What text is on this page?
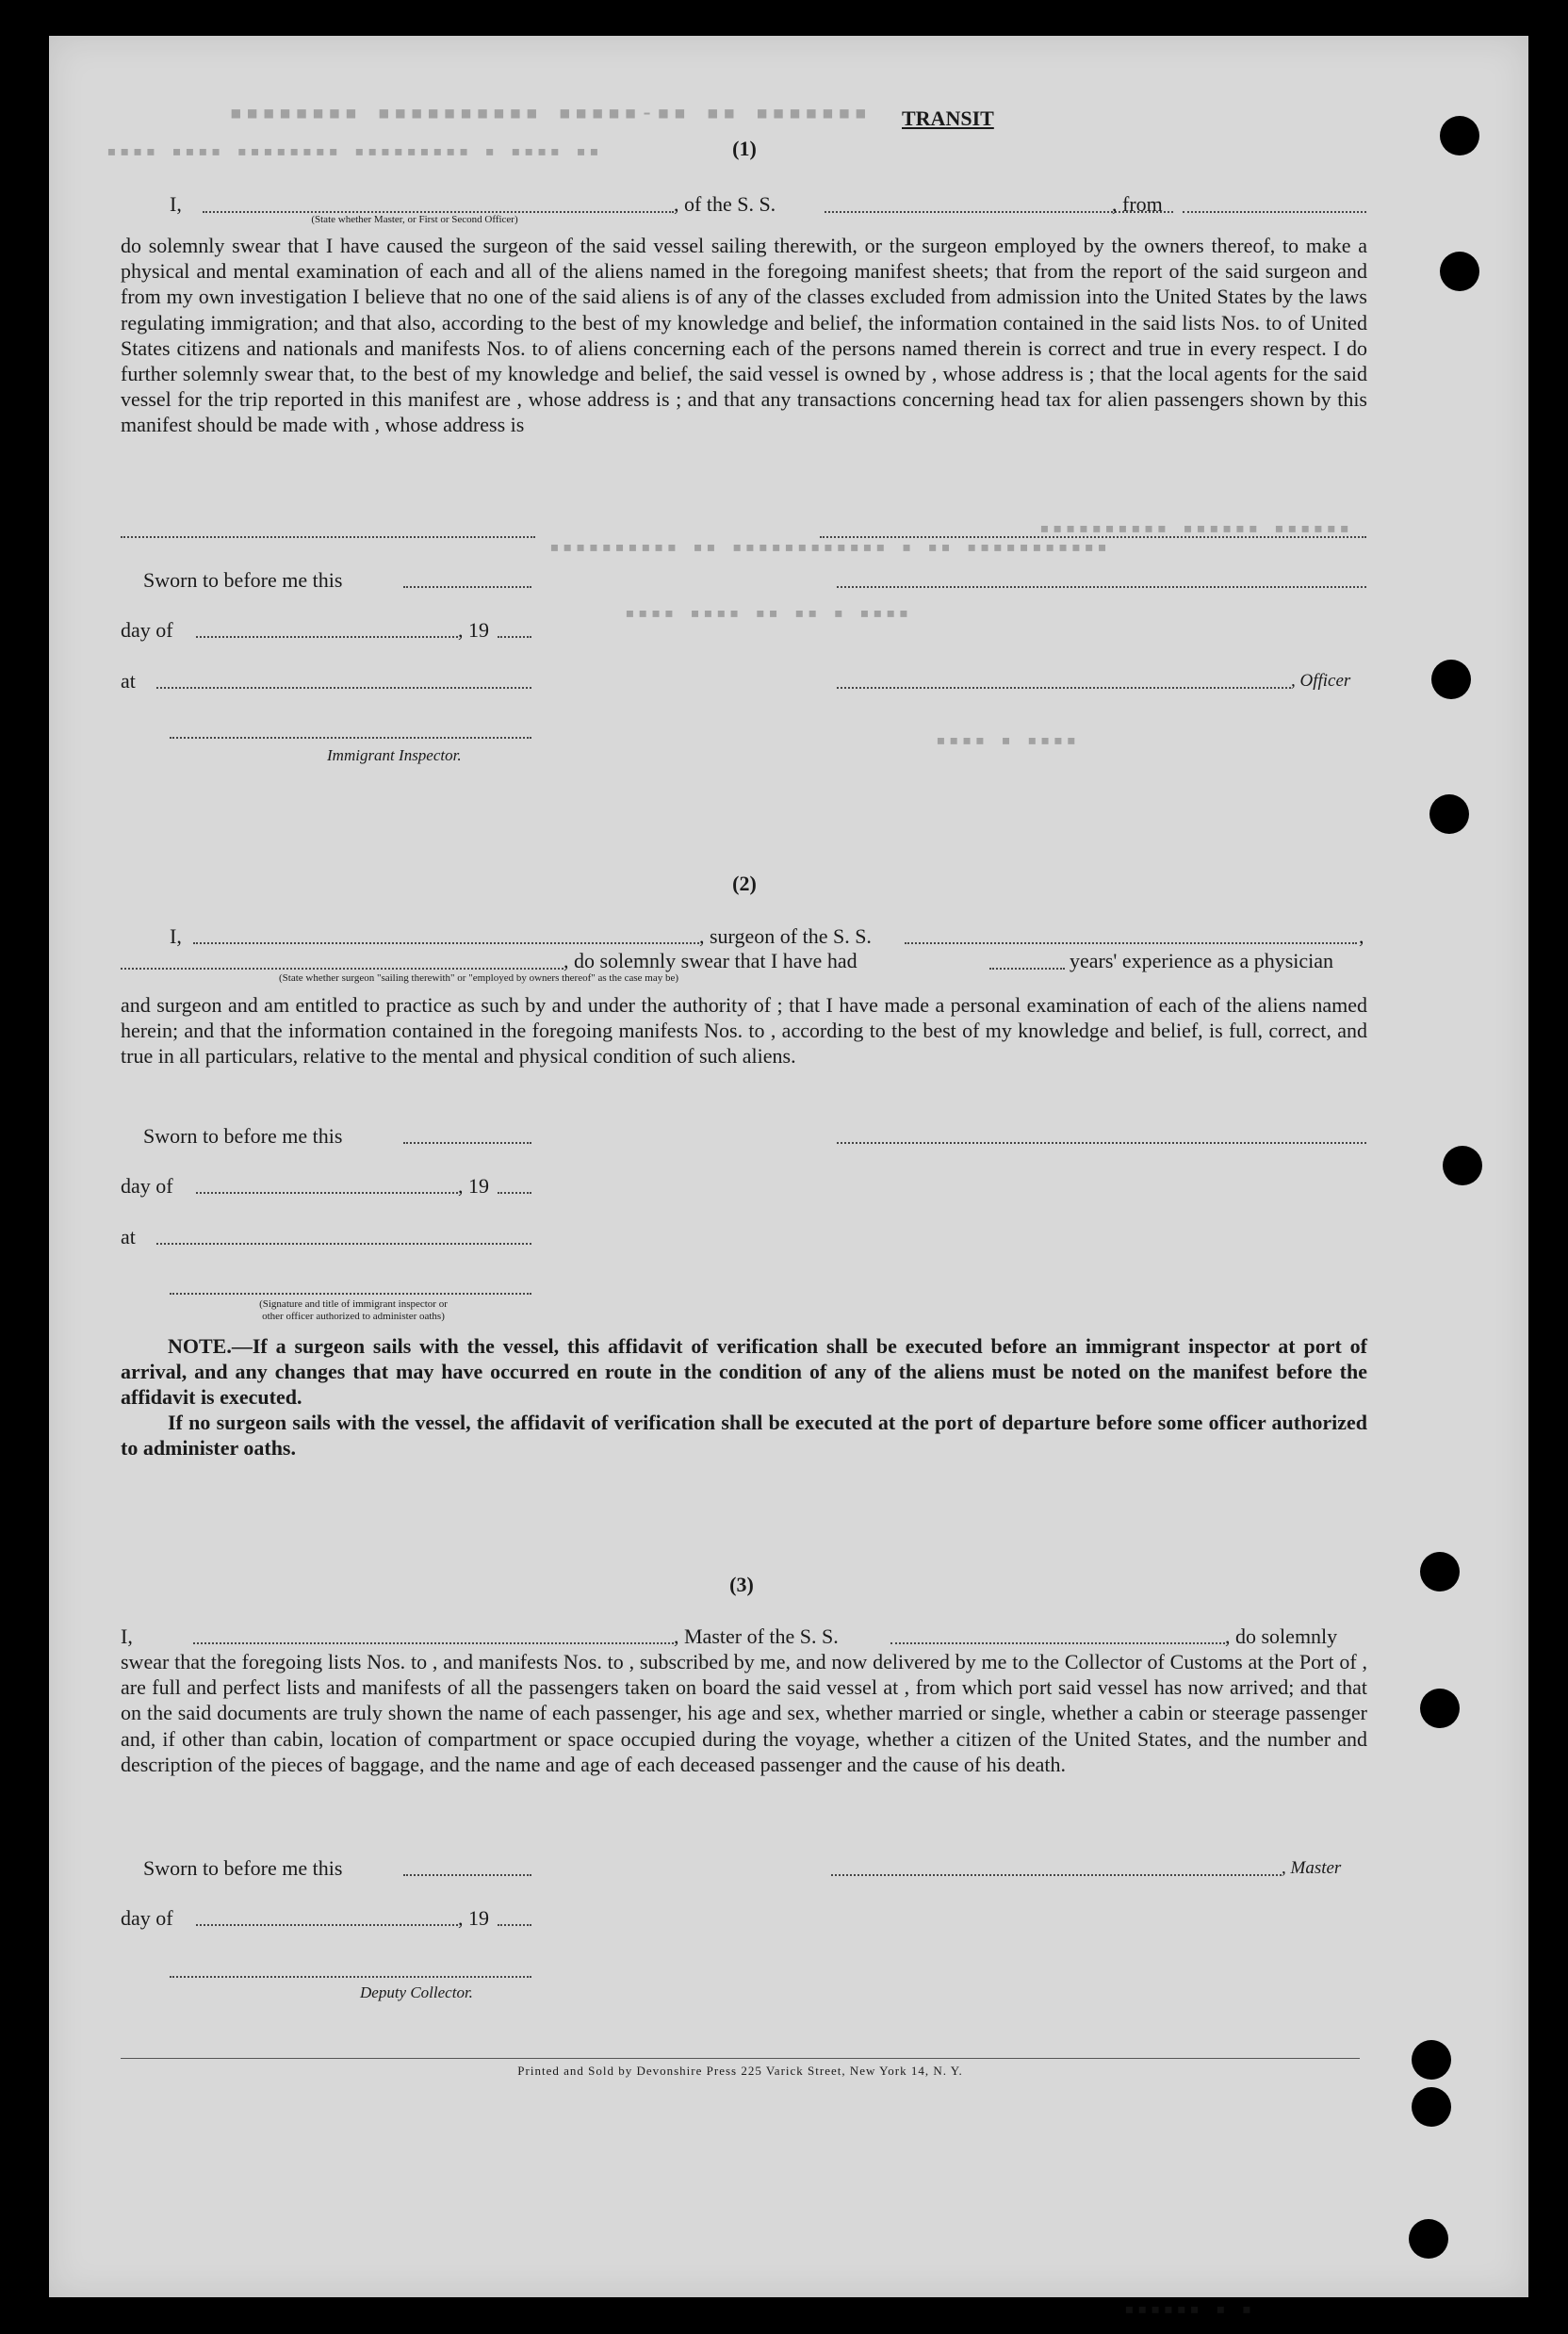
▪▪▪▪▪▪▪ ▪▪ ▪▪-▪▪▪▪▪ ▪▪▪▪▪▪▪▪▪▪ ▪▪▪▪▪▪▪▪
▪▪ ▪▪▪▪ ▪ ▪▪▪▪▪▪▪▪▪ ▪▪▪▪▪▪▪▪ ▪▪▪▪ ▪▪▪▪
▪▪▪▪▪▪ ▪▪▪▪▪▪ ▪▪▪▪▪▪▪▪▪▪
▪▪▪▪▪▪▪▪▪▪▪ ▪▪ ▪ ▪▪▪▪▪▪▪▪▪▪▪▪ ▪▪ ▪▪▪▪▪▪▪▪▪▪
▪▪▪▪ ▪ ▪▪ ▪▪ ▪▪▪▪ ▪▪▪▪
▪▪▪▪ ▪ ▪▪▪▪
▪ ▪ ▪▪▪▪▪▪
TRANSIT
(1)
I,	, of the S. S.	, from
(State whether Master, or First or Second Officer)
do solemnly swear that I have caused the surgeon of the said vessel sailing therewith, or the surgeon employed by the owners thereof, to make a physical and mental examination of each and all of the aliens named in the foregoing manifest sheets; that from the report of the said surgeon and from my own investigation I believe that no one of the said aliens is of any of the classes excluded from admission into the United States by the laws regulating immigration; and that also, according to the best of my knowledge and belief, the information contained in the said lists Nos. to of United States citizens and nationals and manifests Nos. to of aliens concerning each of the persons named therein is correct and true in every respect. I do further solemnly swear that, to the best of my knowledge and belief, the said vessel is owned by , whose address is ; that the local agents for the said vessel for the trip reported in this manifest are , whose address is ; and that any transactions concerning head tax for alien passengers shown by this manifest should be made with , whose address is
Sworn to before me this
day of	, 19
at	, Officer
Immigrant Inspector.
(2)
I,	, surgeon of the S. S.	,
, do solemnly swear that I have had	years' experience as a physician
(State whether surgeon "sailing therewith" or "employed by owners thereof" as the case may be)
and surgeon and am entitled to practice as such by and under the authority of ; that I have made a personal examination of each of the aliens named herein; and that the information contained in the foregoing manifests Nos. to , according to the best of my knowledge and belief, is full, correct, and true in all particulars, relative to the mental and physical condition of such aliens.
Sworn to before me this
day of	, 19
at
(Signature and title of immigrant inspector or
other officer authorized to administer oaths)
NOTE.—If a surgeon sails with the vessel, this affidavit of verification shall be executed before an immigrant inspector at port of arrival, and any changes that may have occurred en route in the condition of any of the aliens must be noted on the manifest before the affidavit is executed.
If no surgeon sails with the vessel, the affidavit of verification shall be executed at the port of departure before some officer authorized to administer oaths.
(3)
I,	, Master of the S. S.	, do solemnly
swear that the foregoing lists Nos. to , and manifests Nos. to , subscribed by me, and now delivered by me to the Collector of Customs at the Port of , are full and perfect lists and manifests of all the passengers taken on board the said vessel at , from which port said vessel has now arrived; and that on the said documents are truly shown the name of each passenger, his age and sex, whether married or single, whether a cabin or steerage passenger and, if other than cabin, location of compartment or space occupied during the voyage, whether a citizen of the United States, and the number and description of the pieces of baggage, and the name and age of each deceased passenger and the cause of his death.
Sworn to before me this	, Master
day of	, 19
Deputy Collector.
Printed and Sold by Devonshire Press 225 Varick Street, New York 14, N. Y.
